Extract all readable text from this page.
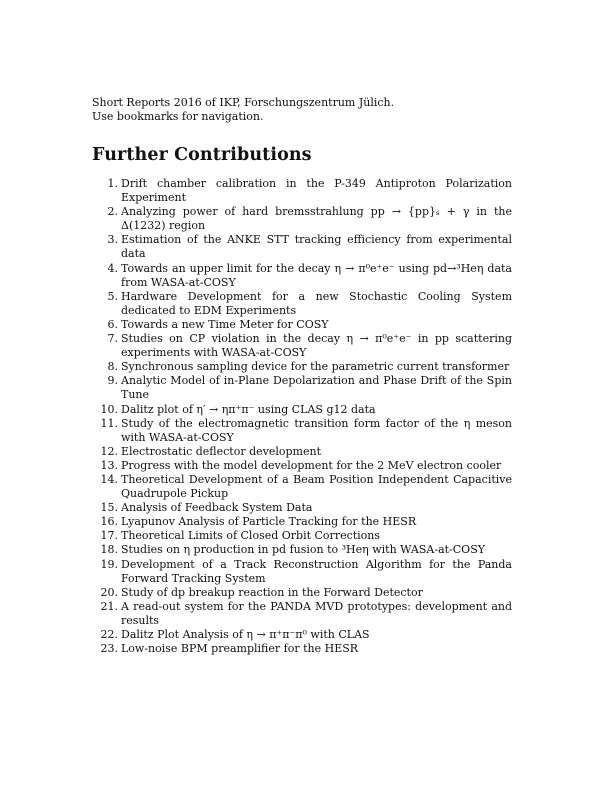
Short Reports 2016 of IKP, Forschungszentrum Jülich.
Use bookmarks for navigation.
Further Contributions
1. Drift chamber calibration in the P-349 Antiproton Polarization Experiment
2. Analyzing power of hard bremsstrahlung pp → {pp}ₛ + γ in the Δ(1232) region
3. Estimation of the ANKE STT tracking efficiency from experimental data
4. Towards an upper limit for the decay η → π⁰e⁺e⁻ using pd→³Heη data from WASA-at-COSY
5. Hardware Development for a new Stochastic Cooling System dedicated to EDM Experiments
6. Towards a new Time Meter for COSY
7. Studies on CP violation in the decay η → π⁰e⁺e⁻ in pp scattering experiments with WASA-at-COSY
8. Synchronous sampling device for the parametric current transformer
9. Analytic Model of in-Plane Depolarization and Phase Drift of the Spin Tune
10. Dalitz plot of η′ → ηπ⁺π⁻ using CLAS g12 data
11. Study of the electromagnetic transition form factor of the η meson with WASA-at-COSY
12. Electrostatic deflector development
13. Progress with the model development for the 2 MeV electron cooler
14. Theoretical Development of a Beam Position Independent Capacitive Quadrupole Pickup
15. Analysis of Feedback System Data
16. Lyapunov Analysis of Particle Tracking for the HESR
17. Theoretical Limits of Closed Orbit Corrections
18. Studies on η production in pd fusion to ³Heη with WASA-at-COSY
19. Development of a Track Reconstruction Algorithm for the Panda Forward Tracking System
20. Study of dp breakup reaction in the Forward Detector
21. A read-out system for the PANDA MVD prototypes: development and results
22. Dalitz Plot Analysis of η → π⁺π⁻π⁰ with CLAS
23. Low-noise BPM preamplifier for the HESR
